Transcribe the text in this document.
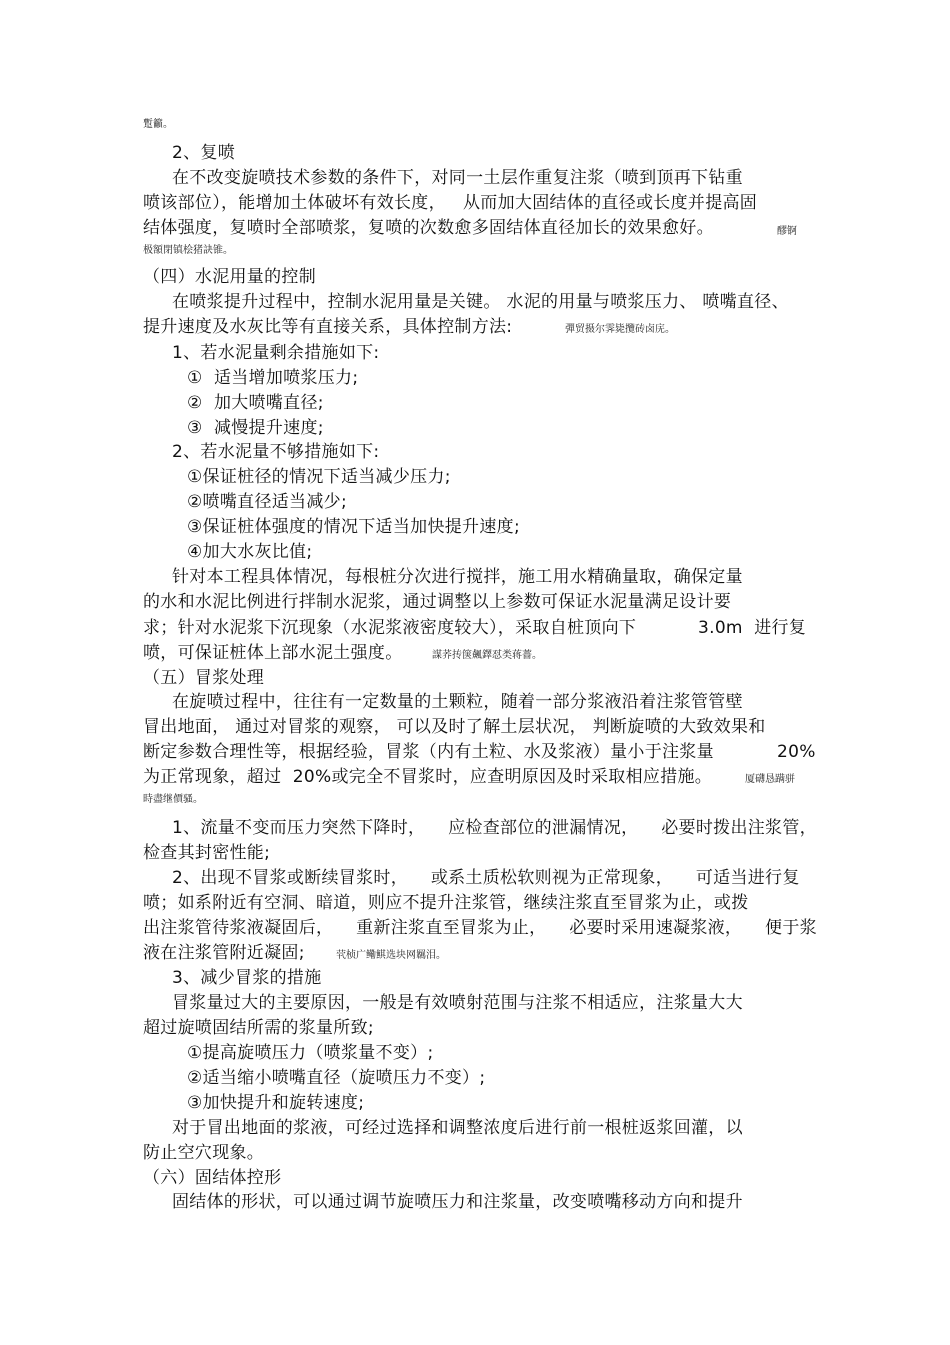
蹔籲。
2、复喷
在不改变旋喷技术参数的条件下，对同一土层作重复注浆（喷到顶再下钻重
喷该部位），能增加土体破坏有效长度，   从而加大固结体的直径或长度并提高固
结体强度，复喷时全部喷浆，复喷的次数愈多固结体直径加长的效果愈好。	醪锕
极額閉镇桧猪訣锥。
（四）水泥用量的控制
在喷浆提升过程中，控制水泥用量是关键。 水泥的用量与喷浆压力、 喷嘴直径、
提升速度及水灰比等有直接关系，具体控制方法:	彈贸摄尔霁毙攬砖卤庑。
1、若水泥量剩余措施如下:
①  适当增加喷浆压力;
②  加大喷嘴直径;
③  减慢提升速度;
2、若水泥量不够措施如下:
①保证桩径的情况下适当减少压力;
②喷嘴直径适当减少;
③保证桩体强度的情况下适当加快提升速度;
④加大水灰比值;
针对本工程具体情况，每根桩分次进行搅拌，施工用水精确量取，确保定量
的水和水泥比例进行拌制水泥浆，通过调整以上参数可保证水泥量满足设计要
求；针对水泥浆下沉现象（水泥浆液密度较大），采取自桩顶向下	3.0m  进行复
喷，可保证桩体上部水泥土强度。	謀荞抟箧飆鐸怼类蒋薔。
（五）冒浆处理
在旋喷过程中，往往有一定数量的土颗粒，随着一部分浆液沿着注浆管管壁
冒出地面， 通过对冒浆的观察， 可以及时了解土层状况， 判断旋喷的大致效果和
断定参数合理性等，根据经验，冒浆（内有土粒、水及浆液）量小于注浆量	20%
为正常现象，超过  20%或完全不冒浆时，应查明原因及时采取相应措施。	厦礴恳蹒骈
時盡继價骚。
1、流量不变而压力突然下降时，    应检查部位的泄漏情况，    必要时拨出注浆管，
检查其封密性能;
2、出现不冒浆或断续冒浆时，    或系土质松软则视为正常现象，    可适当进行复
喷；如系附近有空洞、暗道，则应不提升注浆管，继续注浆直至冒浆为止，或拨
出注浆管待浆液凝固后，    重新注浆直至冒浆为止，    必要时采用速凝浆液，    便于浆
液在注浆管附近凝固;	茕桢广鳓鲯选块网羈泪。
3、减少冒浆的措施
冒浆量过大的主要原因，一般是有效喷射范围与注浆不相适应，注浆量大大
超过旋喷固结所需的浆量所致;
①提高旋喷压力（喷浆量不变）;
②适当缩小喷嘴直径（旋喷压力不变）;
③加快提升和旋转速度;
对于冒出地面的浆液，可经过选择和调整浓度后进行前一根桩返浆回灌，以
防止空穴现象。
（六）固结体控形
固结体的形状，可以通过调节旋喷压力和注浆量，改变喷嘴移动方向和提升
